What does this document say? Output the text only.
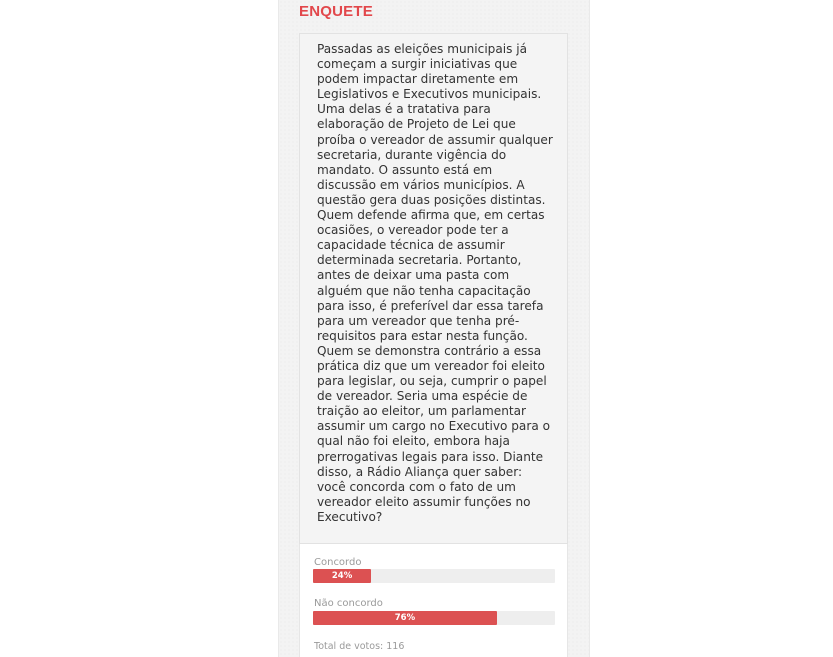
ENQUETE

Passadas as eleições municipais já começam a surgir iniciativas que podem impactar diretamente em Legislativos e Executivos municipais. Uma delas é a tratativa para elaboração de Projeto de Lei que proíba o vereador de assumir qualquer secretaria, durante vigência do mandato. O assunto está em discussão em vários municípios. A questão gera duas posições distintas. Quem defende afirma que, em certas ocasiões, o vereador pode ter a capacidade técnica de assumir determinada secretaria. Portanto, antes de deixar uma pasta com alguém que não tenha capacitação para isso, é preferível dar essa tarefa para um vereador que tenha pré-requisitos para estar nesta função. Quem se demonstra contrário a essa prática diz que um vereador foi eleito para legislar, ou seja, cumprir o papel de vereador. Seria uma espécie de traição ao eleitor, um parlamentar assumir um cargo no Executivo para o qual não foi eleito, embora haja prerrogativas legais para isso. Diante disso, a Rádio Aliança quer saber: você concorda com o fato de um vereador eleito assumir funções no Executivo?

Concordo
24%
Não concordo
76%
Total de votos: 116
